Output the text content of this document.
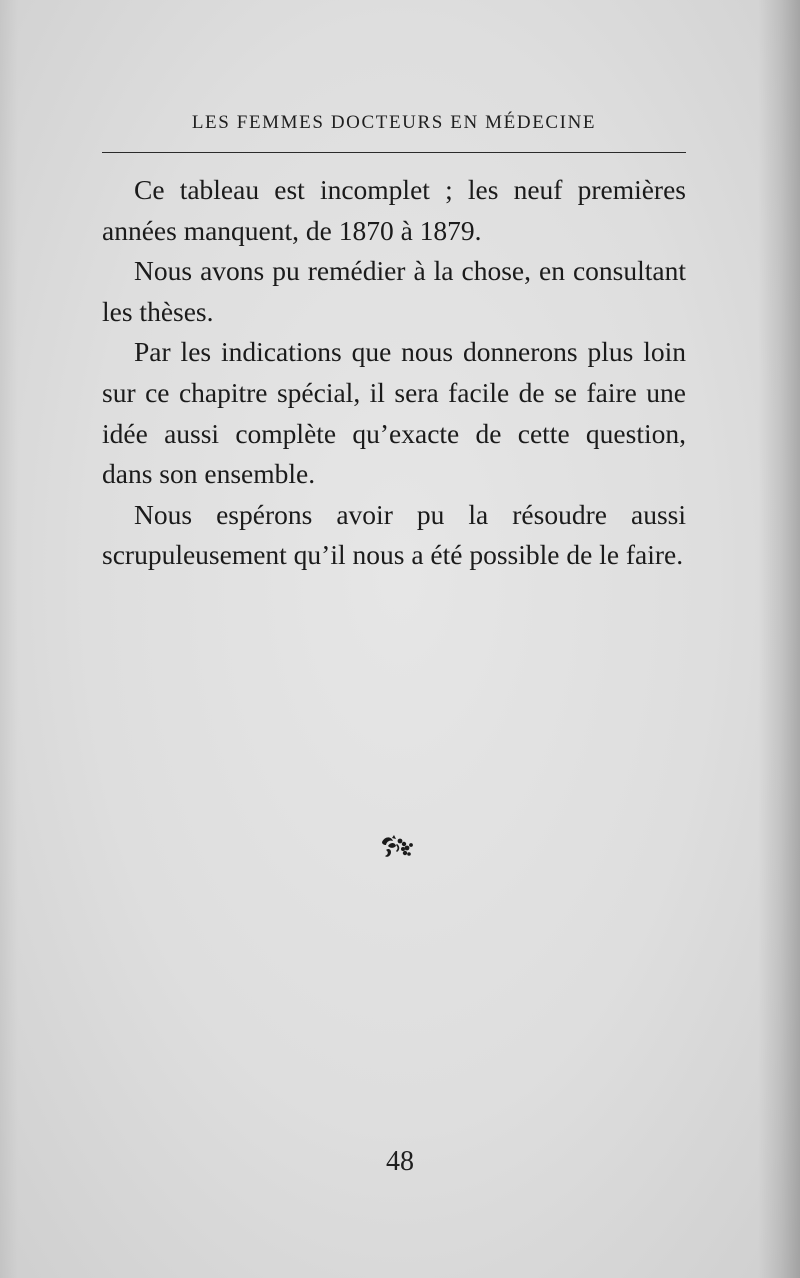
LES FEMMES DOCTEURS EN MÉDECINE

Ce tableau est incomplet ; les neuf premières années manquent, de 1870 à 1879.

Nous avons pu remédier à la chose, en consultant les thèses.

Par les indications que nous donnerons plus loin sur ce chapitre spécial, il sera facile de se faire une idée aussi complète qu’exacte de cette question, dans son ensemble.

Nous espérons avoir pu la résoudre aussi scrupuleusement qu’il nous a été possible de le faire.

48
